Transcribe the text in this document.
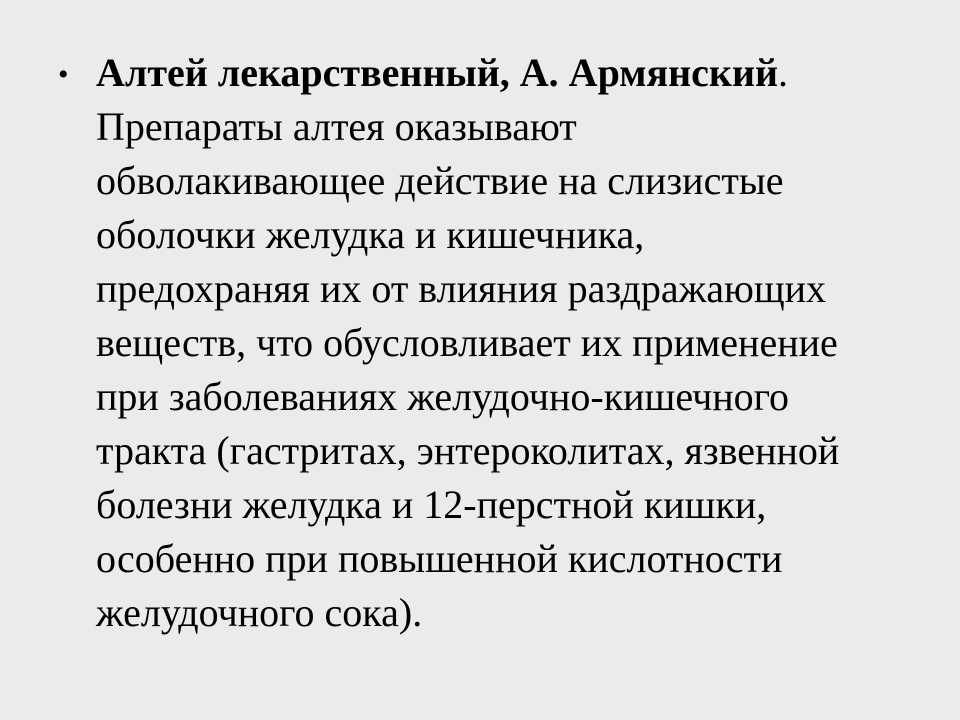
• Алтей лекарственный, А. Армянский.
Препараты алтея оказывают
обволакивающее действие на слизистые
оболочки желудка и кишечника,
предохраняя их от влияния раздражающих
веществ, что обусловливает их применение
при заболеваниях желудочно-кишечного
тракта (гастритах, энтероколитах, язвенной
болезни желудка и 12-перстной кишки,
особенно при повышенной кислотности
желудочного сока).
